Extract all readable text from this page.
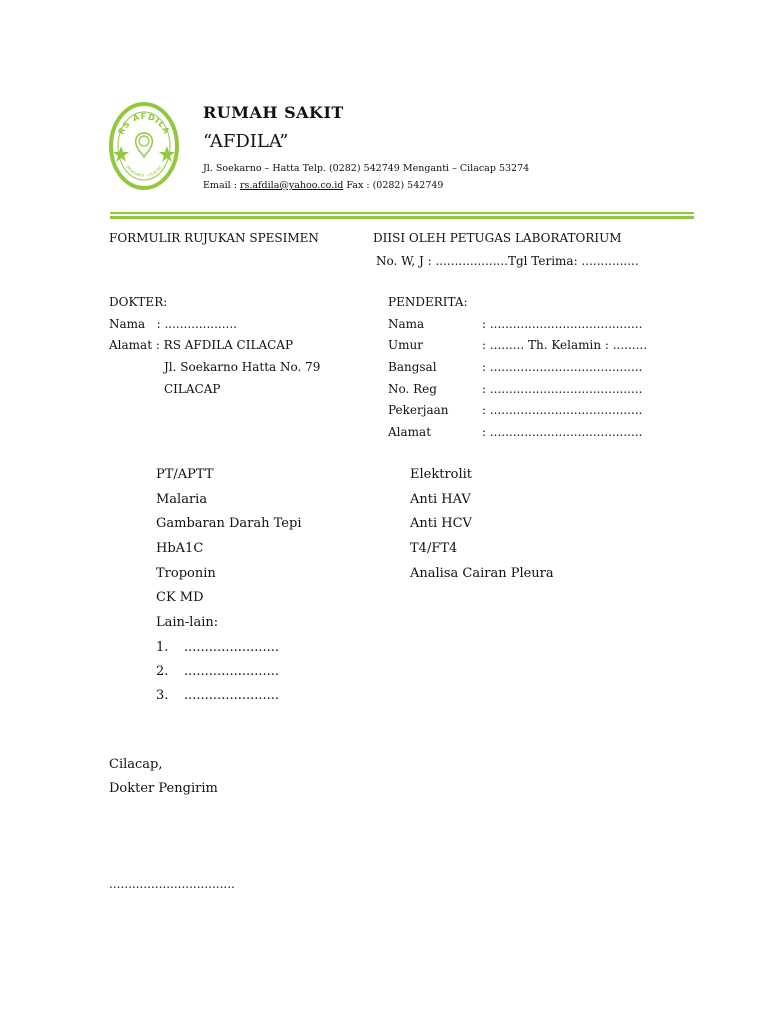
RS AFDILA
MENGANTI - CILACAP
RUMAH SAKIT
“AFDILA”
Jl. Soekarno – Hatta Telp. (0282) 542749 Menganti – Cilacap 53274
Email : rs.afdila@yahoo.co.id Fax : (0282) 542749
FORMULIR RUJUKAN SPESIMEN	DIISI OLEH PETUGAS LABORATORIUM
No. W, J : ...................Tgl Terima: ...............
DOKTER:
Nama   : ...................
Alamat : RS AFDILA CILACAP
Jl. Soekarno Hatta No. 79
CILACAP
PENDERITA:
Nama	: ........................................
Umur	: ......... Th. Kelamin : .........
Bangsal	: ........................................
No. Reg	: ........................................
Pekerjaan	: ........................................
Alamat	: ........................................
PT/APTT
Malaria
Gambaran Darah Tepi
HbA1C
Troponin
CK MD
Lain-lain:
1. .......................
2. .......................
3. .......................
Elektrolit
Anti HAV
Anti HCV
T4/FT4
Analisa Cairan Pleura
Cilacap,
Dokter Pengirim
.................................
